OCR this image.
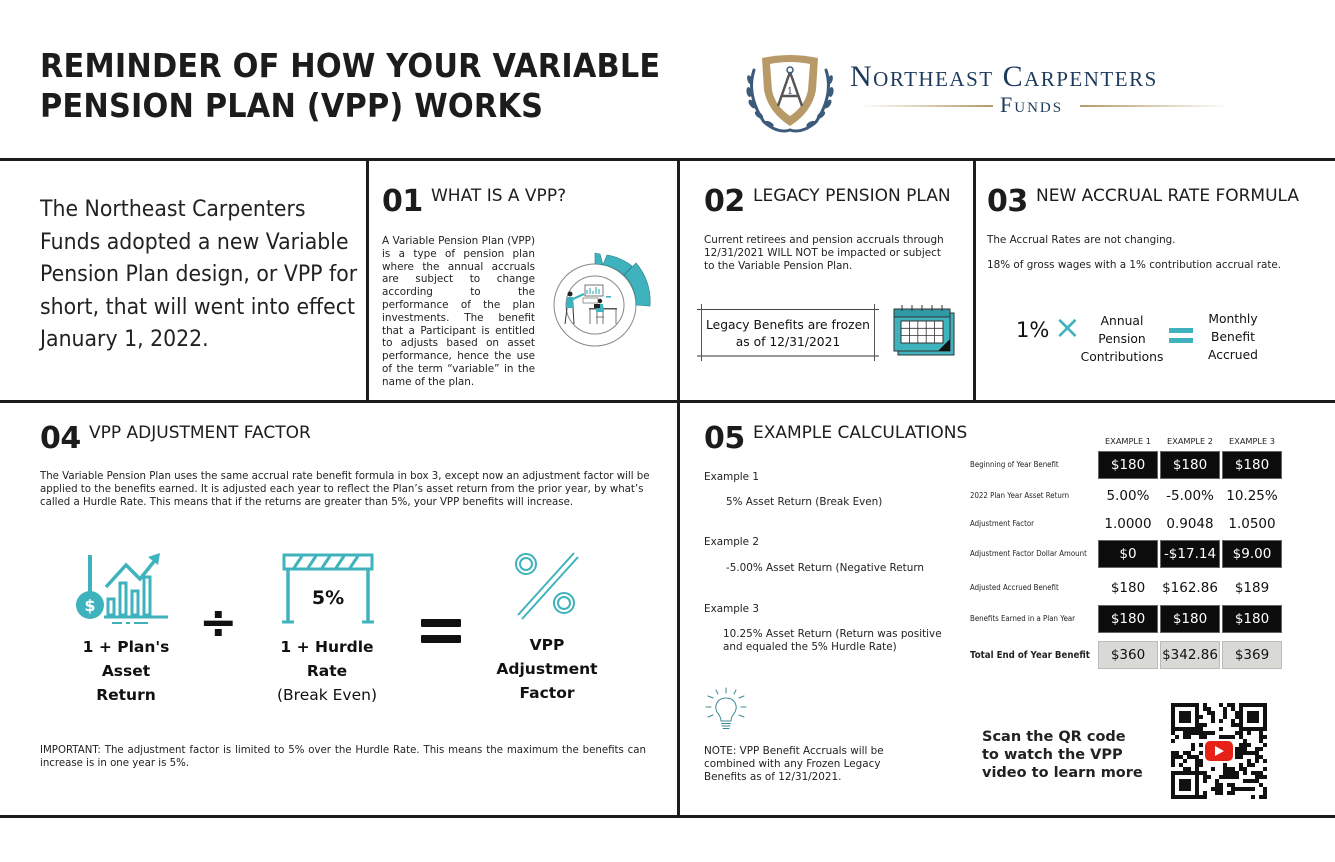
REMINDER OF HOW YOUR VARIABLE
PENSION PLAN (VPP) WORKS	1 Northeast Carpenters
Funds
The Northeast Carpenters Funds adopted a new Variable Pension Plan design, or VPP for short, that will went into effect January 1, 2022.
01 WHAT IS A VPP?
A Variable Pension Plan (VPP) is a type of pension plan where the annual accruals are subject to change according to the performance of the plan investments. The benefit that a Participant is entitled to adjusts based on asset performance, hence the use of the term “variable” in the name of the plan.
02 LEGACY PENSION PLAN
Current retirees and pension accruals through 12/31/2021 WILL NOT be impacted or subject to the Variable Pension Plan.
Legacy Benefits are frozen
as of 12/31/2021
03 NEW ACCRUAL RATE FORMULA
The Accrual Rates are not changing.
18% of gross wages with a 1% contribution accrual rate.
1% ×	Annual
Pension
Contributions
Monthly
Benefit
Accrued
04 VPP ADJUSTMENT FACTOR
The Variable Pension Plan uses the same accrual rate benefit formula in box 3, except now an adjustment factor will be applied to the benefits earned. It is adjusted each year to reflect the Plan’s asset return from the prior year, by what’s called a Hurdle Rate. This means that if the returns are greater than 5%, your VPP benefits will increase.
$
1 + Plan's
Asset
Return
÷	5%
1 + Hurdle
Rate
(Break Even)
VPP
Adjustment
Factor
IMPORTANT: The adjustment factor is limited to 5% over the Hurdle Rate. This means the maximum the benefits can increase is in one year is 5%.
05 EXAMPLE CALCULATIONS
Example 1
5% Asset Return (Break Even)
Example 2
-5.00% Asset Return (Negative Return
Example 3
10.25% Asset Return (Return was positive
and equaled the 5% Hurdle Rate)
NOTE: VPP Benefit Accruals will be combined with any Frozen Legacy Benefits as of 12/31/2021.
EXAMPLE 1	EXAMPLE 2	EXAMPLE 3
Beginning of Year Benefit	$180	$180	$180
2022 Plan Year Asset Return	5.00%	-5.00% 10.25%
Adjustment Factor	1.0000	0.9048	1.0500
Adjustment Factor Dollar Amount	$0	-$17.14	$9.00
Adjusted Accrued Benefit	$180	$162.86	$189
Benefits Earned in a Plan Year	$180	$180	$180
Total End of Year Benefit	$360	$342.86	$369
Scan the QR code
to watch the VPP
video to learn more
